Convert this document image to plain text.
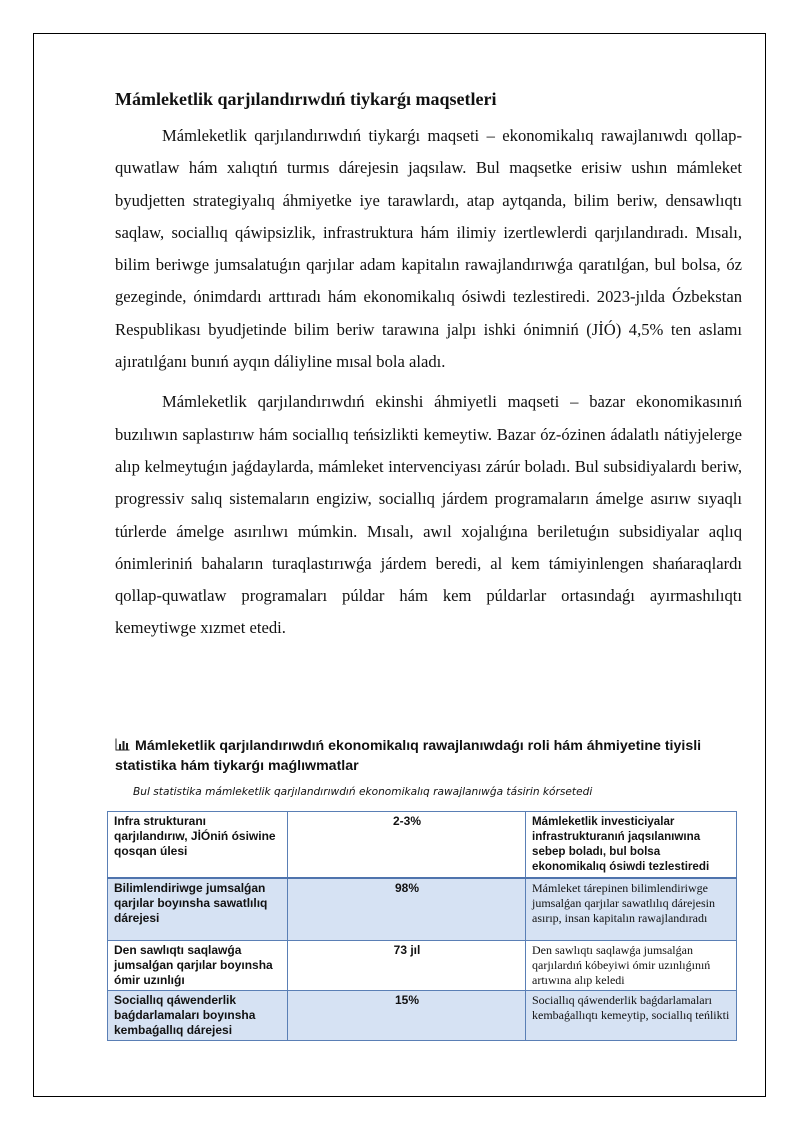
Mámleketlik qarjılandırıwdıń tiykarǵı maqsetleri

Mámleketlik qarjılandırıwdıń tiykarǵı maqseti – ekonomikalıq rawajlanıwdı qollap-quwatlaw hám xalıqtıń turmıs dárejesin jaqsılaw. Bul maqsetke erisiw ushın mámleket byudjetten strategiyalıq áhmiyetke iye tarawlardı, atap aytqanda, bilim beriw, densawlıqtı saqlaw, sociallıq qáwipsizlik, infrastruktura hám ilimiy izertlewlerdi qarjılandıradı. Mısalı, bilim beriwge jumsalatuǵın qarjılar adam kapitalın rawajlandırıwǵa qaratılǵan, bul bolsa, óz gezeginde, ónimdardı arttıradı hám ekonomikalıq ósiwdi tezlestiredi. 2023-jılda Ózbekstan Respublikası byudjetinde bilim beriw tarawına jalpı ishki ónimniń (JİÓ) 4,5% ten aslamı ajıratılǵanı bunıń ayqın dáliyline mısal bola aladı.

Mámleketlik qarjılandırıwdıń ekinshi áhmiyetli maqseti – bazar ekonomikasınıń buzılıwın saplastırıw hám sociallıq teńsizlikti kemeytiw. Bazar óz-ózinen ádalatlı nátiyjelerge alıp kelmeytuǵın jaǵdaylarda, mámleket intervenciyası zárúr boladı. Bul subsidiyalardı beriw, progressiv salıq sistemaların engiziw, sociallıq járdem programaların ámelge asırıw sıyaqlı túrlerde ámelge asırılıwı múmkin. Mısalı, awıl xojalıǵına beriletuǵın subsidiyalar aqlıq ónimleriniń bahaların turaqlastırıwǵa járdem beredi, al kem támiyinlengen shańaraqlardı qollap-quwatlaw programaları púldar hám kem púldarlar ortasındaǵı ayırmashılıqtı kemeytiwge xızmet etedi.

Mámleketlik qarjılandırıwdıń ekonomikalıq rawajlanıwdaǵı roli hám áhmiyetine tiyisli statistika hám tiykarǵı maǵlıwmatlar
Bul statistika mámleketlik qarjılandırıwdıń ekonomikalıq rawajlanıwǵa tásirin kórsetedi
Infra strukturanı qarjılandırıw, JİÓniń ósiwine qosqan úlesi	2-3%	Mámleketlik investiciyalar infrastrukturanıń jaqsılanıwına sebep boladı, bul bolsa ekonomikalıq ósiwdi tezlestiredi
Bilimlendiriwge jumsalǵan qarjılar boyınsha sawatlılıq dárejesi	98%	Mámleket tárepinen bilimlendiriwge jumsalǵan qarjılar sawatlılıq dárejesin asırıp, insan kapitalın rawajlandıradı
Den sawlıqtı saqlawǵa jumsalǵan qarjılar boyınsha ómir uzınlıǵı	73 jıl	Den sawlıqtı saqlawǵa jumsalǵan qarjılardıń kóbeyiwi ómir uzınlıǵınıń artıwına alıp keledi
Sociallıq qáwenderlik baǵdarlamaları boyınsha kembaǵallıq dárejesi	15%	Sociallıq qáwenderlik baǵdarlamaları kembaǵallıqtı kemeytip, sociallıq teńlikti
